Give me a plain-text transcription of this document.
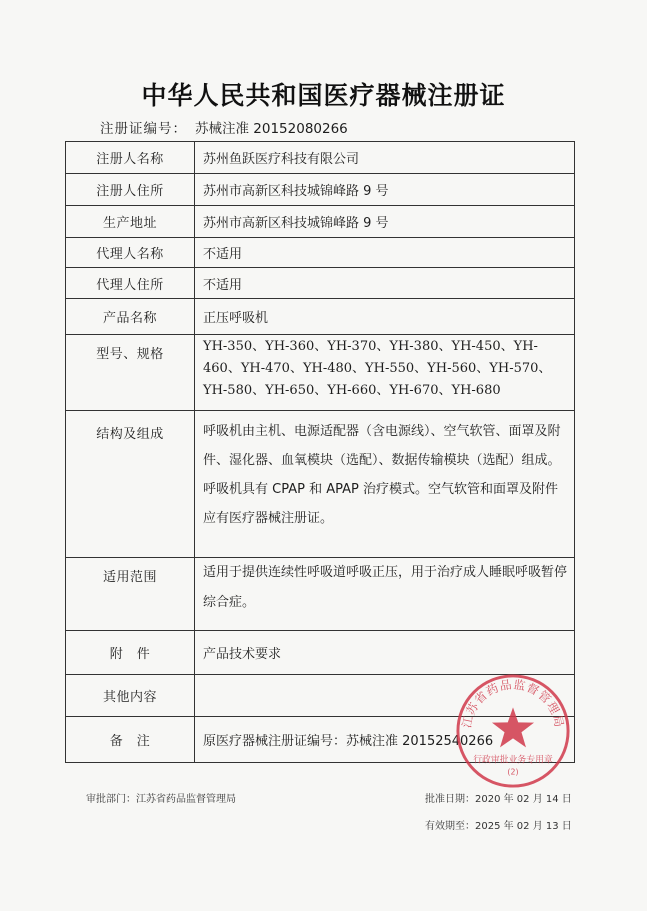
中华人民共和国医疗器械注册证
注册证编号： 苏械注准 20152080266
注册人名称	苏州鱼跃医疗科技有限公司
注册人住所	苏州市高新区科技城锦峰路 9 号
生产地址	苏州市高新区科技城锦峰路 9 号
代理人名称	不适用
代理人住所	不适用
产品名称	正压呼吸机
型号、规格	YH-350、YH-360、YH-370、YH-380、YH-450、YH-460、YH-470、YH-480、YH-550、YH-560、YH-570、YH-580、YH-650、YH-660、YH-670、YH-680
结构及组成	呼吸机由主机、电源适配器（含电源线）、空气软管、面罩及附件、湿化器、血氧模块（选配）、数据传输模块（选配）组成。呼吸机具有 CPAP 和 APAP 治疗模式。空气软管和面罩及附件应有医疗器械注册证。
适用范围	适用于提供连续性呼吸道呼吸正压，用于治疗成人睡眠呼吸暂停综合症。
附　件	产品技术要求
其他内容	
备　注	原医疗器械注册证编号：苏械注准 20152540266
审批部门：江苏省药品监督管理局	批准日期：2020 年 02 月 14 日
有效期至：2025 年 02 月 13 日
江苏省药品监督管理局
行政审批业务专用章
(2)
